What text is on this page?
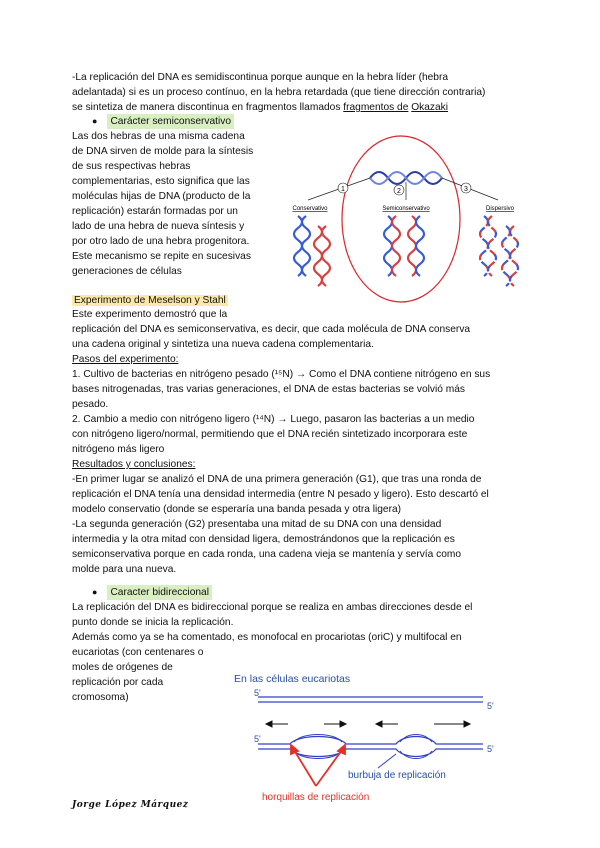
-La replicación del DNA es semidiscontinua porque aunque en la hebra líder (hebra

adelantada) si es un proceso contínuo, en la hebra retardada (que tiene dirección contraria)

se sintetiza de manera discontinua en fragmentos llamados fragmentos de Okazaki

● Carácter semiconservativo

Las dos hebras de una misma cadena

de DNA sirven de molde para la síntesis

de sus respectivas hebras

complementarias, esto significa que las

moléculas hijas de DNA (producto de la

replicación) estarán formadas por un

lado de una hebra de nueva síntesis y

por otro lado de una hebra progenitora.

Este mecanismo se repite en sucesivas

generaciones de células

1	2	3
Conservativo	Semiconservativo	Dispersivo
Experimento de Meselson y Stahl

Este experimento demostró que la

replicación del DNA es semiconservativa, es decir, que cada molécula de DNA conserva

una cadena original y sintetiza una nueva cadena complementaria.

Pasos del experimento:

1. Cultivo de bacterias en nitrógeno pesado (¹⁵N) → Como el DNA contiene nitrógeno en sus

bases nitrogenadas, tras varias generaciones, el DNA de estas bacterias se volvió más

pesado.

2. Cambio a medio con nitrógeno ligero (¹⁴N) → Luego, pasaron las bacterias a un medio

con nitrógeno ligero/normal, permitiendo que el DNA recién sintetizado incorporara este

nitrógeno más ligero

Resultados y conclusiones:

-En primer lugar se analizó el DNA de una primera generación (G1), que tras una ronda de

replicación el DNA tenía una densidad intermedia (entre N pesado y ligero). Esto descartó el

modelo conservatio (donde se esperaría una banda pesada y otra ligera)

-La segunda generación (G2) presentaba una mitad de su DNA con una densidad

intermedia y la otra mitad con densidad ligera, demostrándonos que la replicación es

semiconservativa porque en cada ronda, una cadena vieja se mantenía y servía como

molde para una nueva.

● Caracter bidireccional

La replicación del DNA es bidireccional porque se realiza en ambas direcciones desde el

punto donde se inicia la replicación.

Además como ya se ha comentado, es monofocal en procariotas (oriC) y multifocal en

eucariotas (con centenares o

moles de orógenes de

replicación por cada

cromosoma)

En las células eucariotas
5'
5'
5'
5'
burbuja de replicación
horquillas de replicación
Jorge López Márquez
